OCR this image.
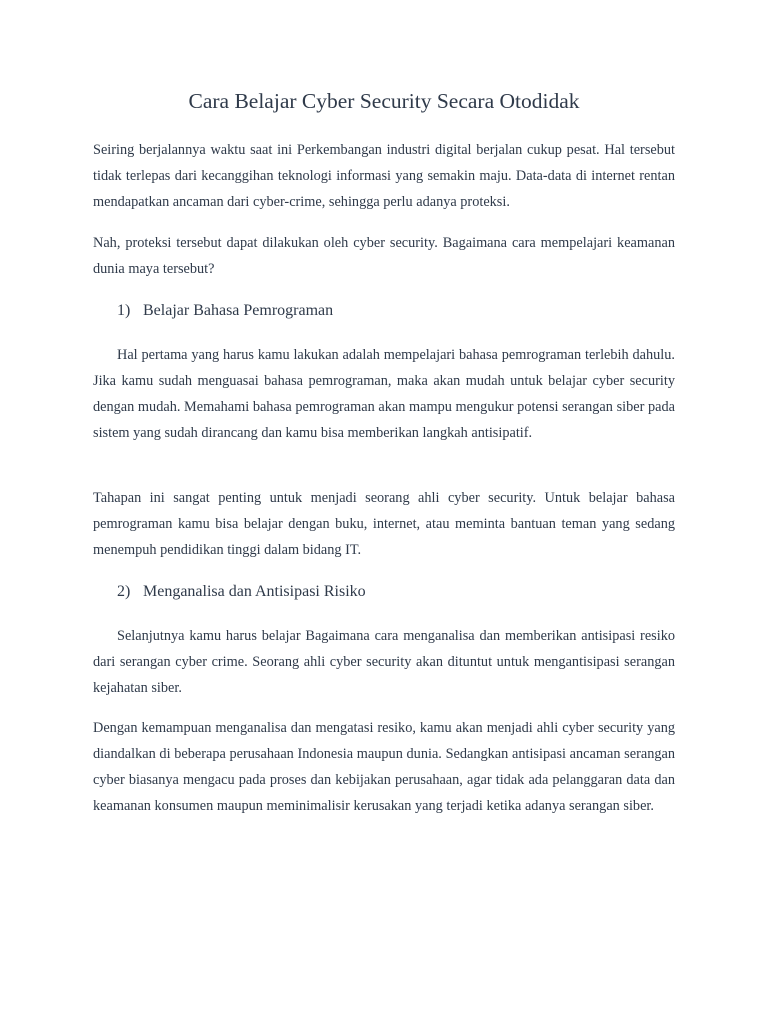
Cara Belajar Cyber Security Secara Otodidak

Seiring berjalannya waktu saat ini Perkembangan industri digital berjalan cukup pesat. Hal tersebut tidak terlepas dari kecanggihan teknologi informasi yang semakin maju. Data-data di internet rentan mendapatkan ancaman dari cyber-crime, sehingga perlu adanya proteksi.

Nah, proteksi tersebut dapat dilakukan oleh cyber security. Bagaimana cara mempelajari keamanan dunia maya tersebut?

1) Belajar Bahasa Pemrograman

Hal pertama yang harus kamu lakukan adalah mempelajari bahasa pemrograman terlebih dahulu. Jika kamu sudah menguasai bahasa pemrograman, maka akan mudah untuk belajar cyber security dengan mudah. Memahami bahasa pemrograman akan mampu mengukur potensi serangan siber pada sistem yang sudah dirancang dan kamu bisa memberikan langkah antisipatif.

Tahapan ini sangat penting untuk menjadi seorang ahli cyber security. Untuk belajar bahasa pemrograman kamu bisa belajar dengan buku, internet, atau meminta bantuan teman yang sedang menempuh pendidikan tinggi dalam bidang IT.

2) Menganalisa dan Antisipasi Risiko

Selanjutnya kamu harus belajar Bagaimana cara menganalisa dan memberikan antisipasi resiko dari serangan cyber crime. Seorang ahli cyber security akan dituntut untuk mengantisipasi serangan kejahatan siber.

Dengan kemampuan menganalisa dan mengatasi resiko, kamu akan menjadi ahli cyber security yang diandalkan di beberapa perusahaan Indonesia maupun dunia. Sedangkan antisipasi ancaman serangan cyber biasanya mengacu pada proses dan kebijakan perusahaan, agar tidak ada pelanggaran data dan keamanan konsumen maupun meminimalisir kerusakan yang terjadi ketika adanya serangan siber.
